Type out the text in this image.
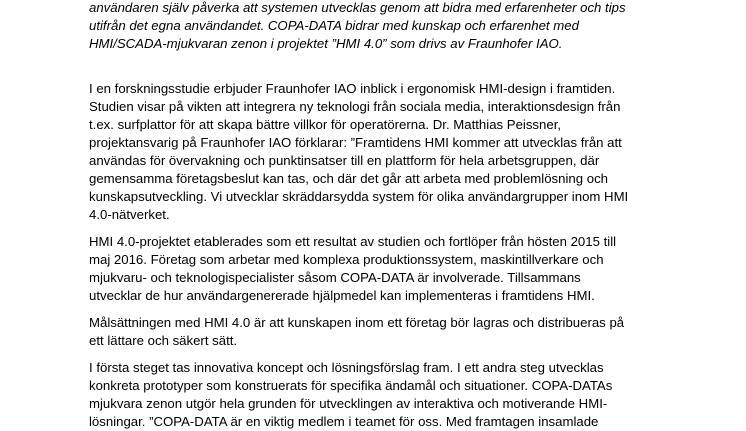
användaren själv påverka att systemen utvecklas genom att bidra med erfarenheter och tips
utifrån det egna användandet. COPA-DATA bidrar med kunskap och erfarenhet med
HMI/SCADA-mjukvaran zenon i projektet ”HMI 4.0” som drivs av Fraunhofer IAO.

I en forskningsstudie erbjuder Fraunhofer IAO inblick i ergonomisk HMI-design i framtiden.
Studien visar på vikten att integrera ny teknologi från sociala media, interaktionsdesign från
t.ex. surfplattor för att skapa bättre villkor för operatörerna. Dr. Matthias Peissner,
projektansvarig på Fraunhofer IAO förklarar: ”Framtidens HMI kommer att utvecklas från att
användas för övervakning och punktinsatser till en plattform för hela arbetsgruppen, där
gemensamma företagsbeslut kan tas, och där det går att arbeta med problemlösning och
kunskapsutveckling. Vi utvecklar skräddarsydda system för olika användargrupper inom HMI
4.0-nätverket.

HMI 4.0-projektet etablerades som ett resultat av studien och fortlöper från hösten 2015 till
maj 2016. Företag som arbetar med komplexa produktionssystem, maskintillverkare och
mjukvaru- och teknologispecialister såsom COPA-DATA är involverade. Tillsammans
utvecklar de hur användargenererade hjälpmedel kan implementeras i framtidens HMI.

Målsättningen med HMI 4.0 är att kunskapen inom ett företag bör lagras och distribueras på
ett lättare och säkert sätt.

I första steget tas innovativa koncept och lösningsförslag fram. I ett andra steg utvecklas
konkreta prototyper som konstruerats för specifika ändamål och situationer. COPA-DATAs
mjukvara zenon utgör hela grunden för utvecklingen av interaktiva och motiverande HMI-
lösningar. ”COPA-DATA är en viktig medlem i teamet för oss. Med framtagen insamlade
